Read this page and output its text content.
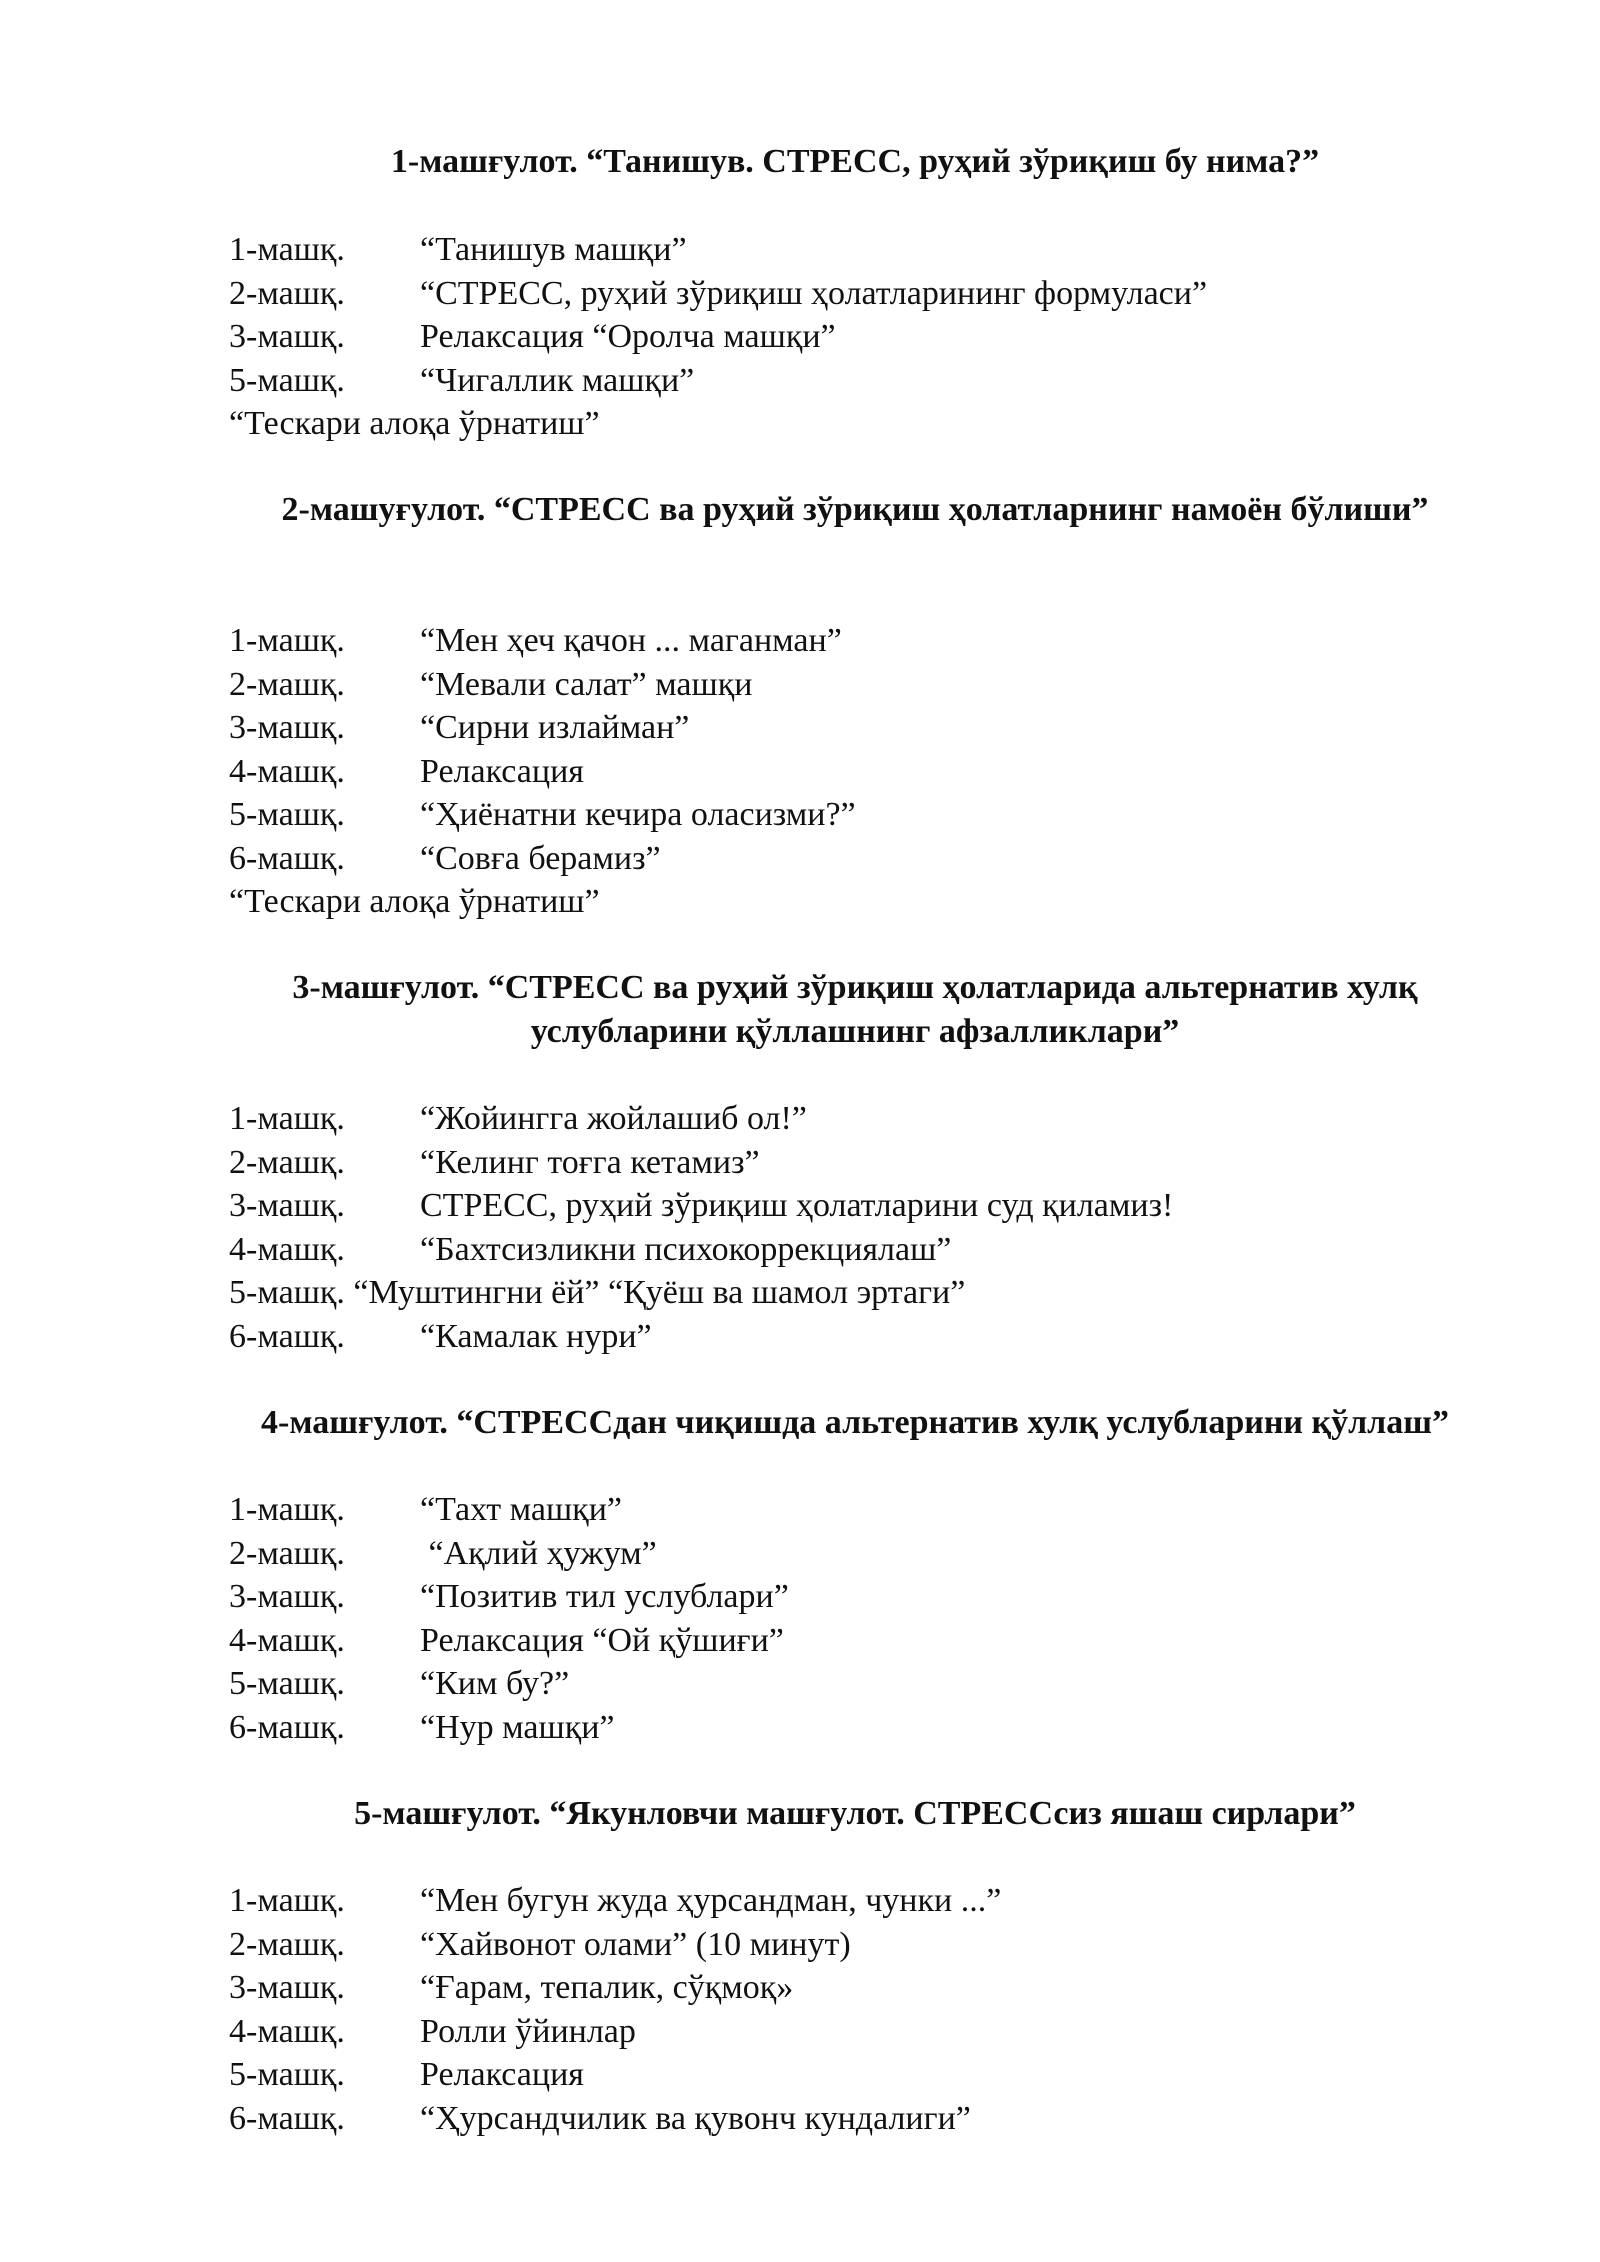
1-машғулот. “Танишув. СТРЕСС, руҳий зўриқиш бу нима?”
1-машқ. “Танишув машқи”
2-машқ. “СТРЕСС, руҳий зўриқиш ҳолатларининг формуласи”
3-машқ. Релаксация “Оролча машқи”
5-машқ. “Чигаллик машқи”

“Тескари алоқа ўрнатиш”

2-машуғулот. “СТРЕСС ва руҳий зўриқиш ҳолатларнинг намоён бўлиши”
1-машқ. “Мен ҳеч қачон ... маганман”
2-машқ. “Мевали салат” машқи
3-машқ. “Сирни излайман”
4-машқ. Релаксация
5-машқ. “Ҳиёнатни кечира оласизми?”
6-машқ. “Совға берамиз”

“Тескари алоқа ўрнатиш”

3-машғулот. “СТРЕСС ва руҳий зўриқиш ҳолатларида альтернатив хулқ услубларини қўллашнинг афзалликлари”
1-машқ. “Жойингга жойлашиб ол!”
2-машқ. “Келинг тоғга кетамиз”
3-машқ. СТРЕСС, руҳий зўриқиш ҳолатларини суд қиламиз!
4-машқ. “Бахтсизликни психокоррекциялаш”
5-машқ. “Муштингни ёй” “Қуёш ва шамол эртаги”
6-машқ. “Камалак нури”
4-машғулот. “СТРЕССдан чиқишда альтернатив хулқ услубларини қўллаш”
1-машқ. “Тахт машқи”
2-машқ. “Ақлий ҳужум”
3-машқ. “Позитив тил услублари”
4-машқ. Релаксация “Ой қўшиғи”
5-машқ. “Ким бу?”
6-машқ. “Нур машқи”
5-машғулот. “Якунловчи машғулот. СТРЕССсиз яшаш сирлари”
1-машқ. “Мен бугун жуда ҳурсандман, чунки ...”
2-машқ. “Хайвонот олами” (10 минут)
3-машқ. “Ғарам, тепалик, сўқмоқ»
4-машқ. Ролли ўйинлар
5-машқ. Релаксация
6-машқ. “Ҳурсандчилик ва қувонч кундалиги”
